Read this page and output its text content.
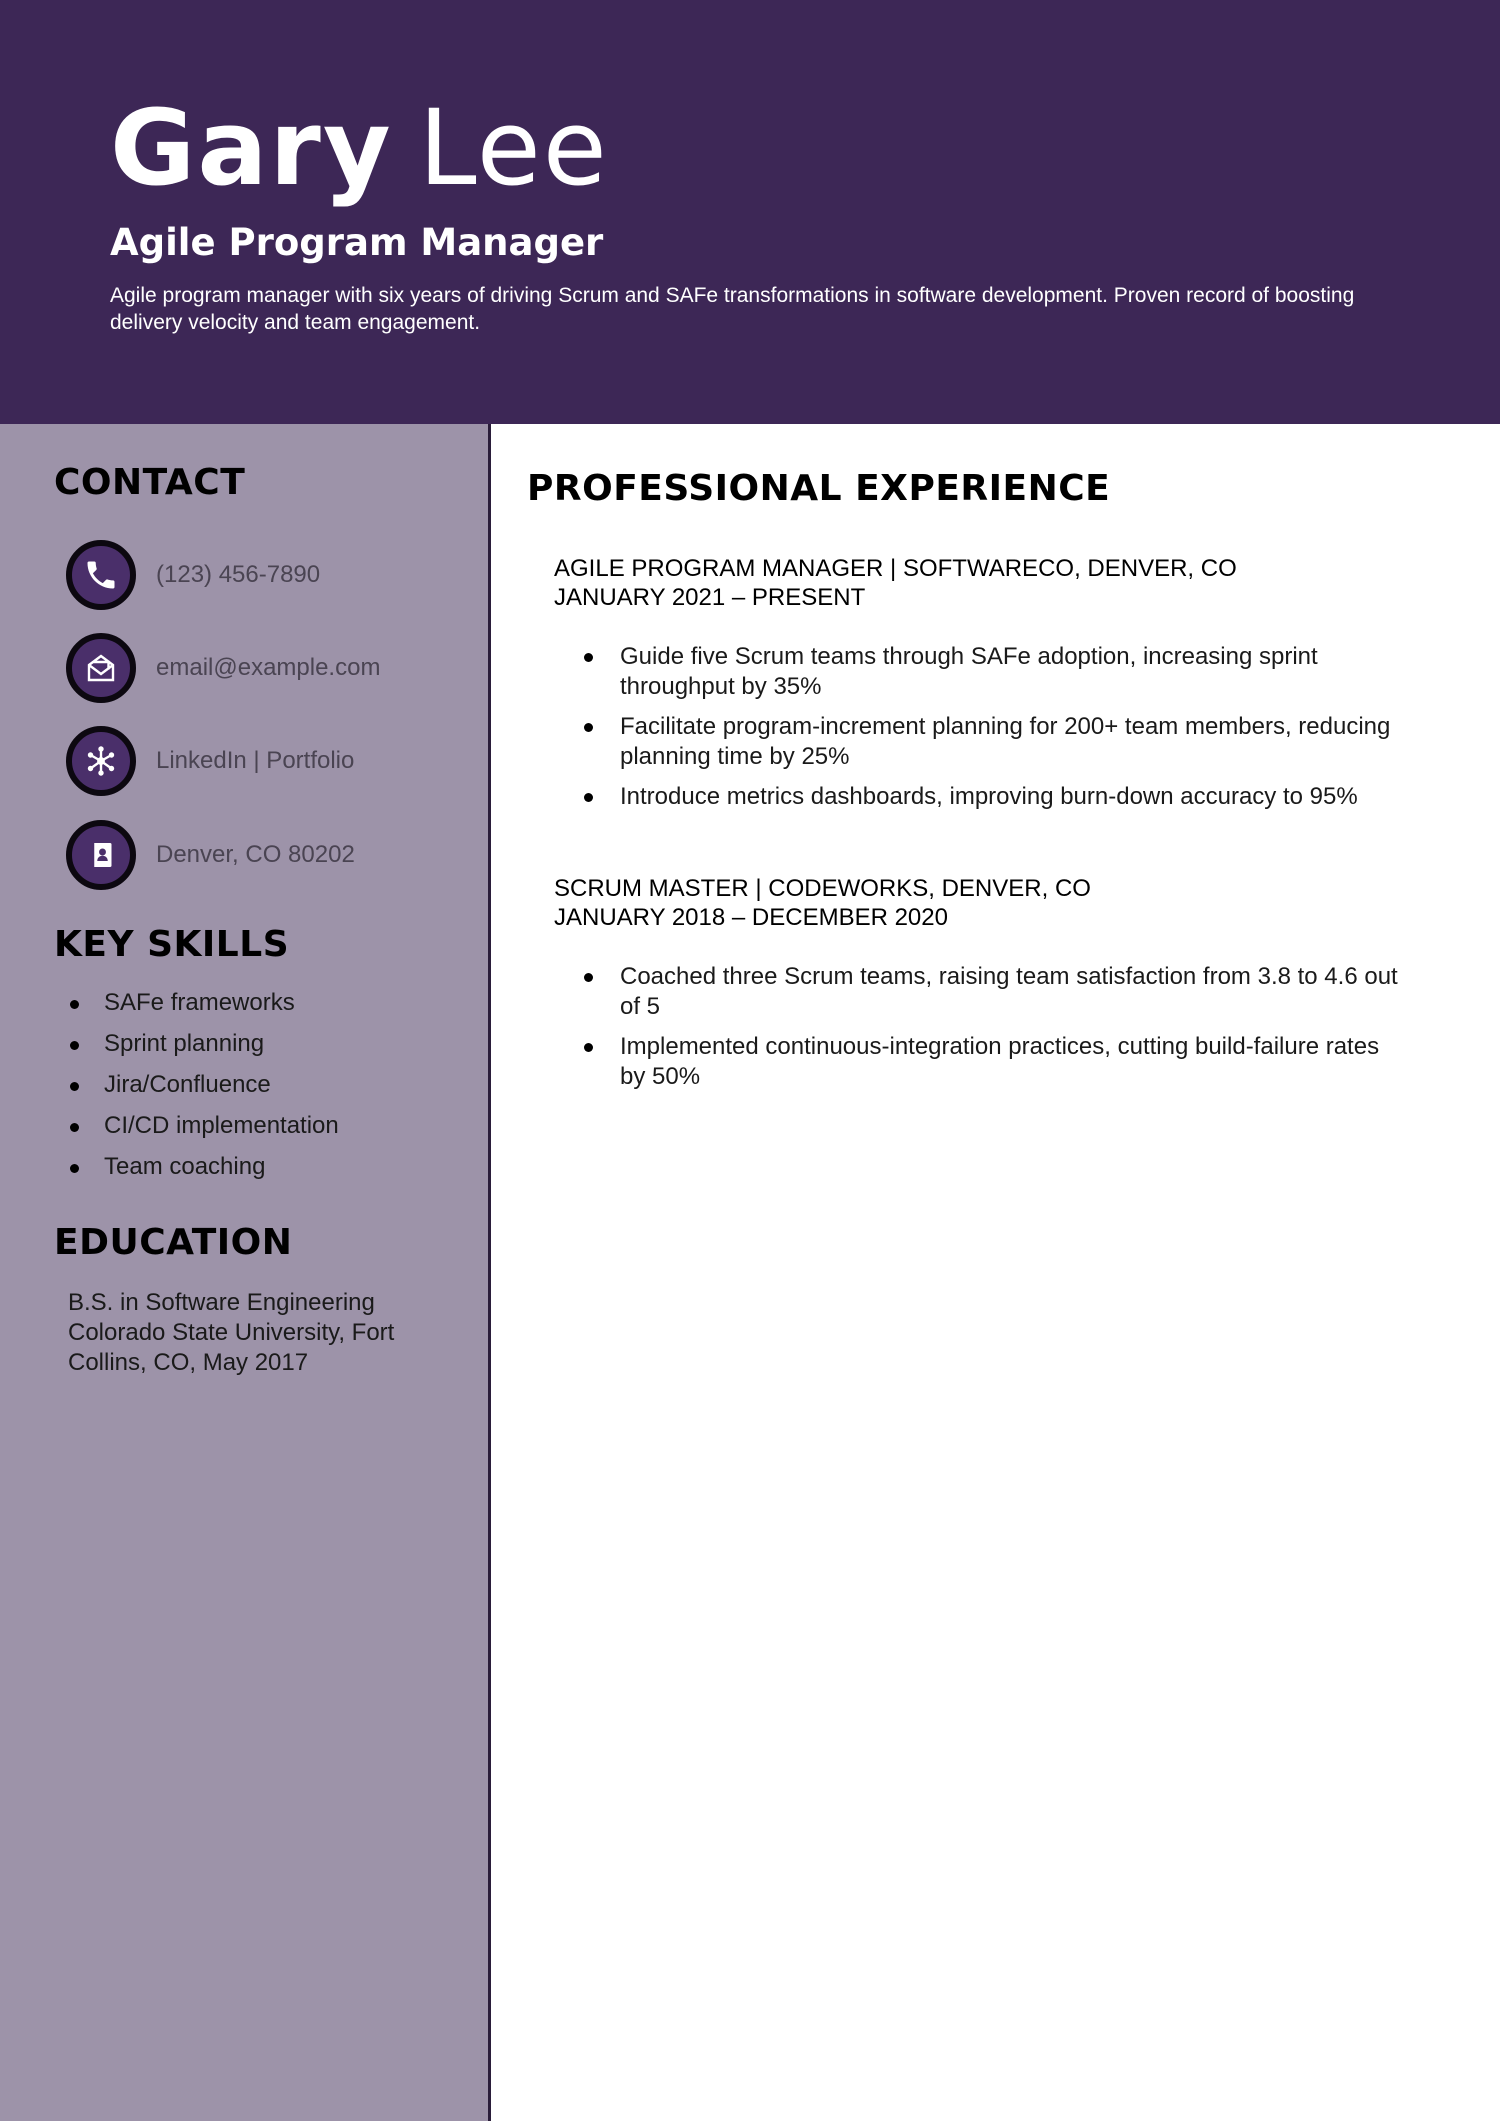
Gary Lee
Agile Program Manager

Agile program manager with six years of driving Scrum and SAFe transformations in software development. Proven record of boosting delivery velocity and team engagement.

CONTACT
(123) 456-7890
email@example.com
LinkedIn | Portfolio
Denver, CO 80202
KEY SKILLS
SAFe frameworks
Sprint planning
Jira/Confluence
CI/CD implementation
Team coaching
EDUCATION
B.S. in Software Engineering
Colorado State University, Fort
Collins, CO, May 2017
PROFESSIONAL EXPERIENCE
AGILE PROGRAM MANAGER | SOFTWARECO, DENVER, CO
JANUARY 2021 – PRESENT
Guide five Scrum teams through SAFe adoption, increasing sprint throughput by 35%
Facilitate program-increment planning for 200+ team members, reducing planning time by 25%
Introduce metrics dashboards, improving burn-down accuracy to 95%
SCRUM MASTER | CODEWORKS, DENVER, CO
JANUARY 2018 – DECEMBER 2020
Coached three Scrum teams, raising team satisfaction from 3.8 to 4.6 out of 5
Implemented continuous-integration practices, cutting build-failure rates by 50%
